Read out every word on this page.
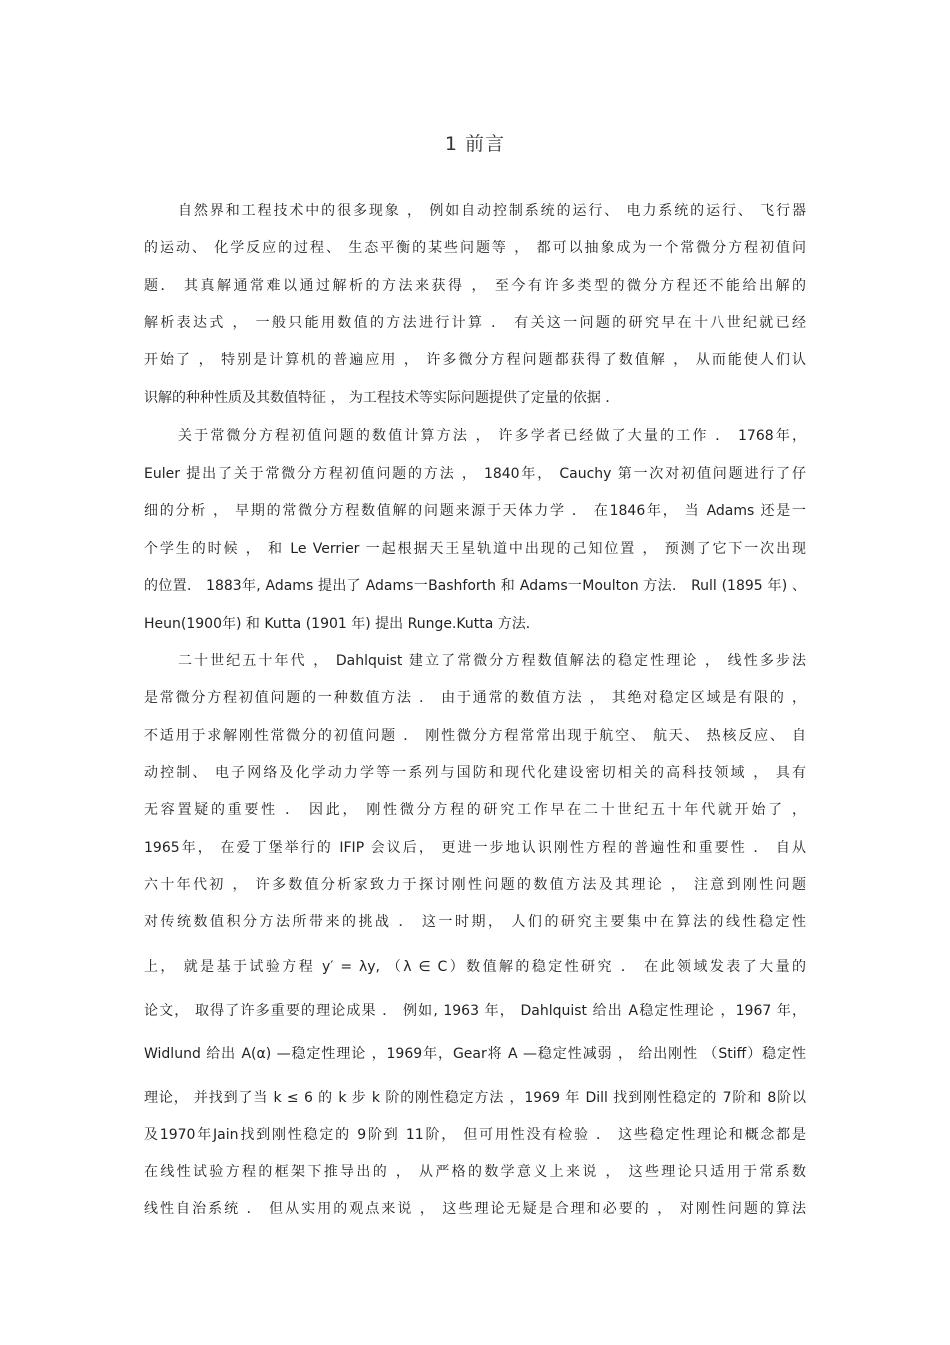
1 前言
自然界和工程技术中的很多现象 ， 例如自动控制系统的运行、 电力系统的运行、 飞行器
的运动、 化学反应的过程、 生态平衡的某些问题等 ， 都可以抽象成为一个常微分方程初值问
题． 其真解通常难以通过解析的方法来获得 ， 至今有许多类型的微分方程还不能给出解的
解析表达式 ， 一般只能用数值的方法进行计算 ． 有关这一问题的研究早在十八世纪就已经
开始了 ， 特别是计算机的普遍应用 ， 许多微分方程问题都获得了数值解 ， 从而能使人们认
识解的种种性质及其数值特征 ， 为工程技术等实际问题提供了定量的依据 ．
关于常微分方程初值问题的数值计算方法 ， 许多学者已经做了大量的工作 ． 1768年，
Euler 提出了关于常微分方程初值问题的方法 ， 1840年， Cauchy 第一次对初值问题进行了仔
细的分析 ， 早期的常微分方程数值解的问题来源于天体力学 ． 在1846年， 当 Adams 还是一
个学生的时候 ， 和 Le Verrier 一起根据天王星轨道中出现的己知位置 ， 预测了它下一次出现
的位置． 1883年, Adams 提出了 Adams一Bashforth 和 Adams一Moulton 方法． Rull (1895 年) 、
Heun(1900年) 和 Kutta (1901 年) 提出 Runge.Kutta 方法．
二十世纪五十年代 ， Dahlquist 建立了常微分方程数值解法的稳定性理论 ， 线性多步法
是常微分方程初值问题的一种数值方法 ． 由于通常的数值方法 ， 其绝对稳定区域是有限的 ，
不适用于求解刚性常微分的初值问题 ． 刚性微分方程常常出现于航空、 航天、 热核反应、 自
动控制、 电子网络及化学动力学等一系列与国防和现代化建设密切相关的高科技领域 ， 具有
无容置疑的重要性 ． 因此， 刚性微分方程的研究工作早在二十世纪五十年代就开始了 ，
1965年， 在爱丁堡举行的 IFIP 会议后， 更进一步地认识刚性方程的普遍性和重要性 ． 自从
六十年代初 ， 许多数值分析家致力于探讨刚性问题的数值方法及其理论 ， 注意到刚性问题
对传统数值积分方法所带来的挑战 ． 这一时期， 人们的研究主要集中在算法的线性稳定性
上， 就是基于试验方程 y′ = λy, （λ ∈ C）数值解的稳定性研究 ． 在此领域发表了大量的
论文， 取得了许多重要的理论成果 ． 例如, 1963 年， Dahlquist 给出 A稳定性理论 ，1967 年，
Widlund 给出 A(α) —稳定性理论 ，1969年，Gear将 A —稳定性减弱 ， 给出刚性 （Stiff）稳定性
理论， 并找到了当 k ≤ 6 的 k 步 k 阶的刚性稳定方法 ，1969 年 Dill 找到刚性稳定的 7阶和 8阶以
及1970年Jain找到刚性稳定的 9阶到 11阶， 但可用性没有检验 ． 这些稳定性理论和概念都是
在线性试验方程的框架下推导出的 ， 从严格的数学意义上来说 ， 这些理论只适用于常系数
线性自治系统 ． 但从实用的观点来说 ， 这些理论无疑是合理和必要的 ， 对刚性问题的算法
